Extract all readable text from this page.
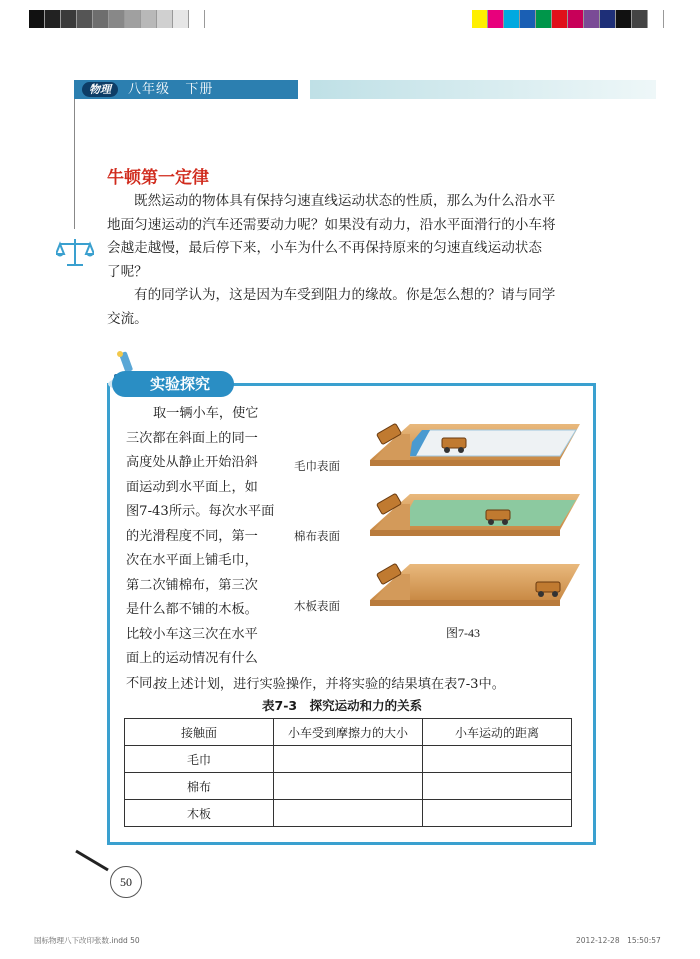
物理	八年级 下册
牛顿第一定律
既然运动的物体具有保持匀速直线运动状态的性质，那么为什么沿水平
地面匀速运动的汽车还需要动力呢？如果没有动力，沿水平面滑行的小车将
会越走越慢，最后停下来，小车为什么不再保持原来的匀速直线运动状态
了呢？
有的同学认为，这是因为车受到阻力的缘故。你是怎么想的？请与同学
交流。
实验探究
取一辆小车，使它
三次都在斜面上的同一
高度处从静止开始沿斜
面运动到水平面上，如
图7-43所示。每次水平面
的光滑程度不同，第一
次在水平面上铺毛巾，
第二次铺棉布，第三次
是什么都不铺的木板。
比较小车这三次在水平
面上的运动情况有什么
不同。
毛巾表面
棉布表面
木板表面
图7-43
按上述计划，进行实验操作，并将实验的结果填在表7-3中。
表7-3　探究运动和力的关系
接触面	小车受到摩擦力的大小	小车运动的距离
毛巾		
棉布		
木板		
50
国标物理八下改印张数.indd 50	2012-12-28　15:50:57
